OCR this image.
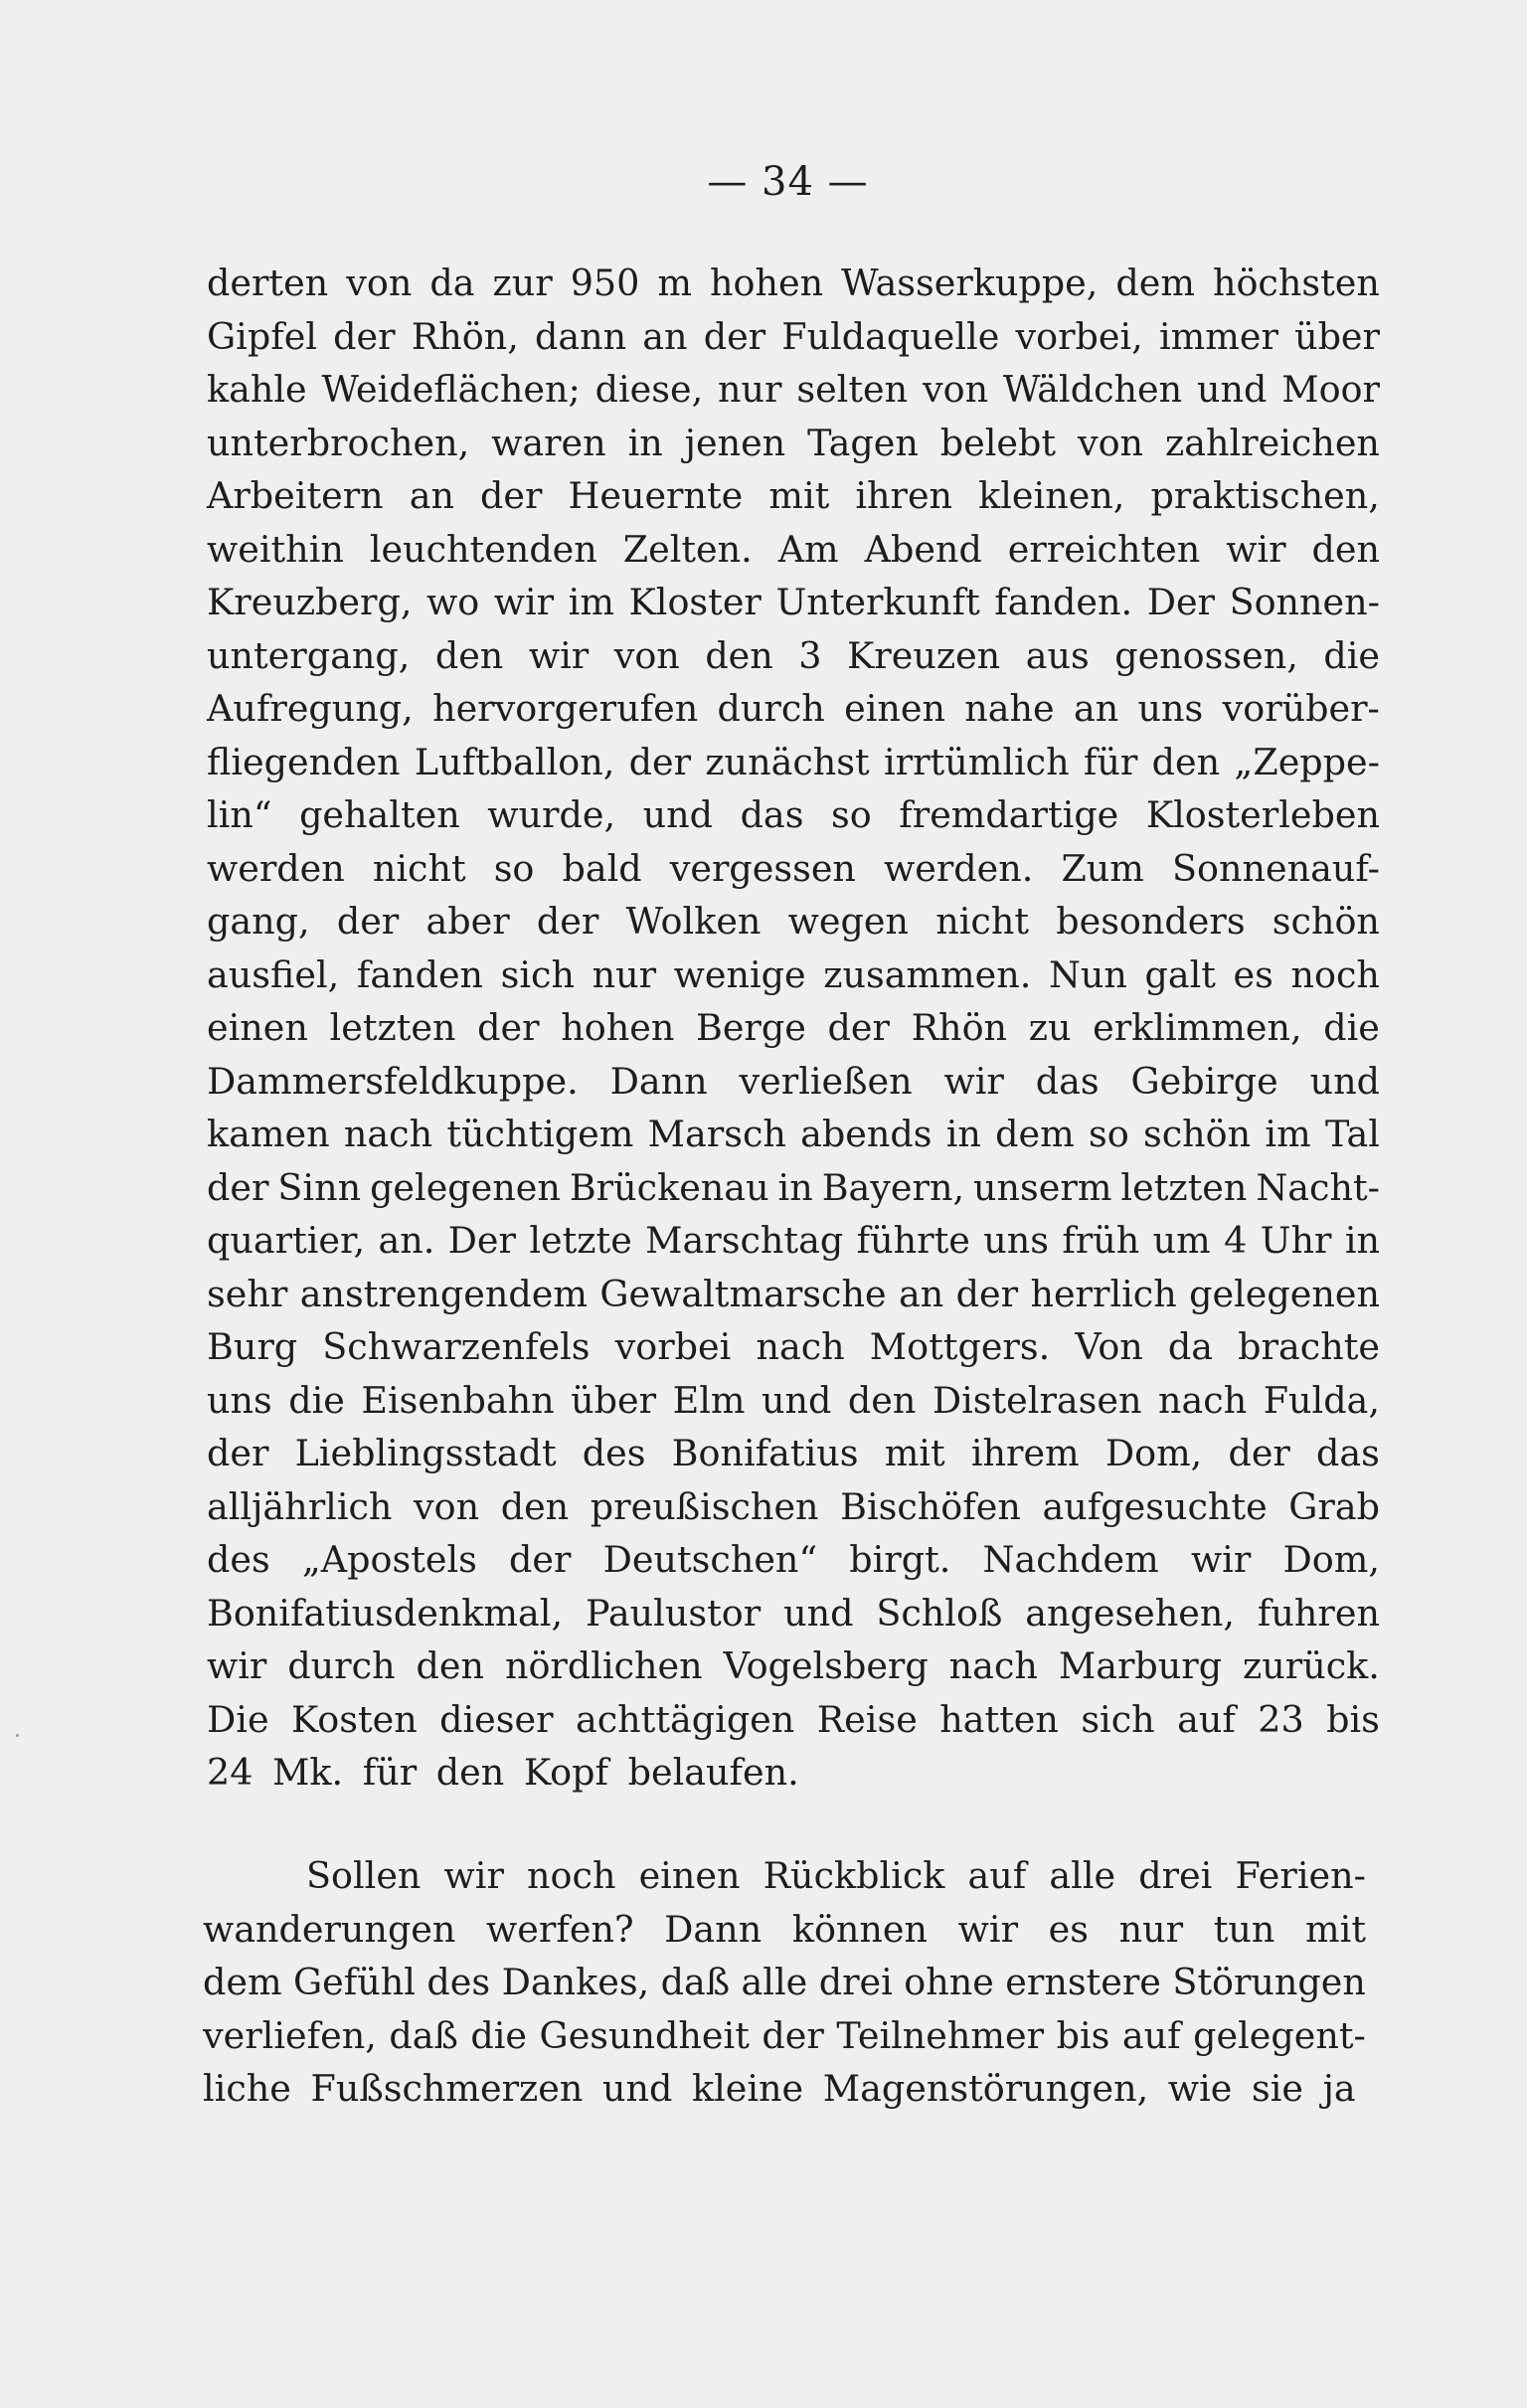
— 34 —
derten von da zur 950 m hohen Wasserkuppe, dem höchsten
Gipfel der Rhön, dann an der Fuldaquelle vorbei, immer über
kahle Weideflächen; diese, nur selten von Wäldchen und Moor
unterbrochen, waren in jenen Tagen belebt von zahlreichen
Arbeitern an der Heuernte mit ihren kleinen, praktischen,
weithin leuchtenden Zelten. Am Abend erreichten wir den
Kreuzberg, wo wir im Kloster Unterkunft fanden. Der Sonnen-
untergang, den wir von den 3 Kreuzen aus genossen, die
Aufregung, hervorgerufen durch einen nahe an uns vorüber-
fliegenden Luftballon, der zunächst irrtümlich für den „Zeppe-
lin“ gehalten wurde, und das so fremdartige Klosterleben
werden nicht so bald vergessen werden. Zum Sonnenauf-
gang, der aber der Wolken wegen nicht besonders schön
ausfiel, fanden sich nur wenige zusammen. Nun galt es noch
einen letzten der hohen Berge der Rhön zu erklimmen, die
Dammersfeldkuppe. Dann verließen wir das Gebirge und
kamen nach tüchtigem Marsch abends in dem so schön im Tal
der Sinn gelegenen Brückenau in Bayern, unserm letzten Nacht-
quartier, an. Der letzte Marschtag führte uns früh um 4 Uhr in
sehr anstrengendem Gewaltmarsche an der herrlich gelegenen
Burg Schwarzenfels vorbei nach Mottgers. Von da brachte
uns die Eisenbahn über Elm und den Distelrasen nach Fulda,
der Lieblingsstadt des Bonifatius mit ihrem Dom, der das
alljährlich von den preußischen Bischöfen aufgesuchte Grab
des „Apostels der Deutschen“ birgt. Nachdem wir Dom,
Bonifatiusdenkmal, Paulustor und Schloß angesehen, fuhren
wir durch den nördlichen Vogelsberg nach Marburg zurück.
Die Kosten dieser achttägigen Reise hatten sich auf 23 bis
24 Mk. für den Kopf belaufen.
Sollen wir noch einen Rückblick auf alle drei Ferien-
wanderungen werfen? Dann können wir es nur tun mit
dem Gefühl des Dankes, daß alle drei ohne ernstere Störungen
verliefen, daß die Gesundheit der Teilnehmer bis auf gelegent-
liche Fußschmerzen und kleine Magenstörungen, wie sie ja
